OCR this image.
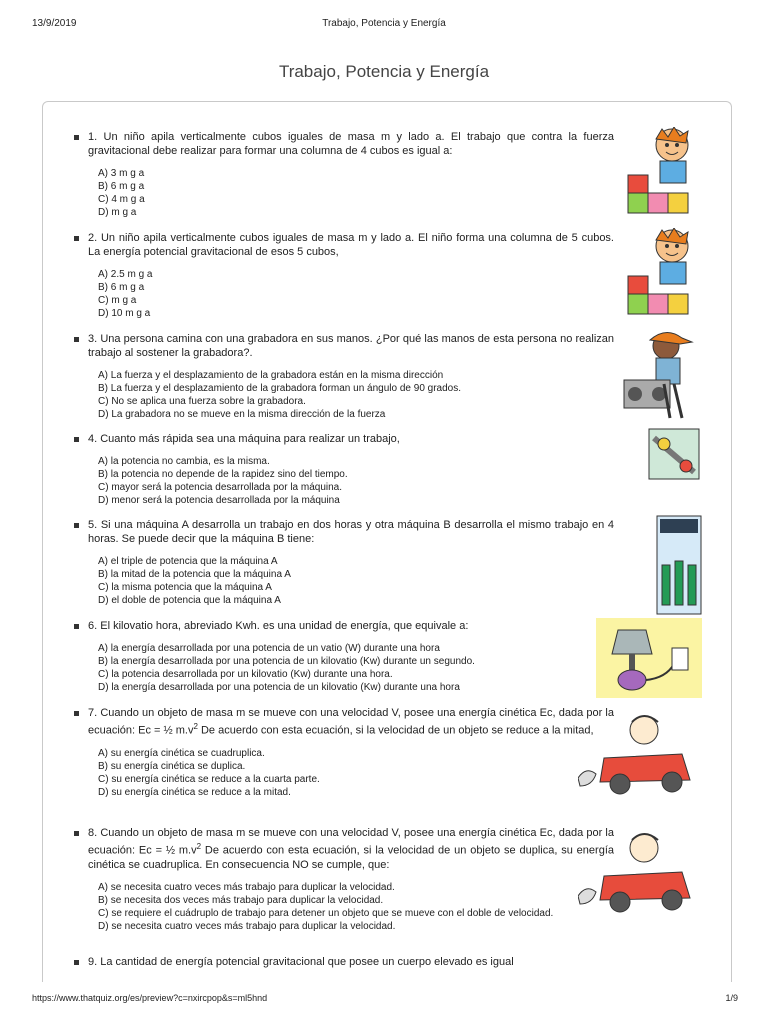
13/9/2019	Trabajo, Potencia y Energía
Trabajo, Potencia y Energía
1. Un niño apila verticalmente cubos iguales de masa m y lado a. El trabajo que contra la fuerza gravitacional debe realizar para formar una columna de 4 cubos es igual a:
A) 3 m g a
B) 6 m g a
C) 4 m g a
D) m g a
2. Un niño apila verticalmente cubos iguales de masa m y lado a. El niño forma una columna de 5 cubos. La energía potencial gravitacional de esos 5 cubos,
A) 2.5 m g a
B) 6 m g a
C) m g a
D) 10 m g a
3. Una persona camina con una grabadora en sus manos. ¿Por qué las manos de esta persona no realizan trabajo al sostener la grabadora?.
A) La fuerza y el desplazamiento de la grabadora están en la misma dirección
B) La fuerza y el desplazamiento de la grabadora forman un ángulo de 90 grados.
C) No se aplica una fuerza sobre la grabadora.
D) La grabadora no se mueve en la misma dirección de la fuerza
4. Cuanto más rápida sea una máquina para realizar un trabajo,
A) la potencia no cambia, es la misma.
B) la potencia no depende de la rapidez sino del tiempo.
C) mayor será la potencia desarrollada por la máquina.
D) menor será la potencia desarrollada por la máquina
5. Si una máquina A desarrolla un trabajo en dos horas y otra máquina B desarrolla el mismo trabajo en 4 horas. Se puede decir que la máquina B tiene:
A) el triple de potencia que la máquina A
B) la mitad de la potencia que la máquina A
C) la misma potencia que la máquina A
D) el doble de potencia que la máquina A
6. El kilovatio hora, abreviado Kwh. es una unidad de energía, que equivale a:
A) la energía desarrollada por una potencia de un vatio (W) durante una hora
B) la energía desarrollada por una potencia de un kilovatio (Kw) durante un segundo.
C) la potencia desarrollada por un kilovatio (Kw) durante una hora.
D) la energía desarrollada por una potencia de un kilovatio (Kw) durante una hora
7. Cuando un objeto de masa m se mueve con una velocidad V, posee una energía cinética Ec, dada por la ecuación: Ec = ½ $m.v^2$ De acuerdo con esta ecuación, si la velocidad de un objeto se reduce a la mitad,
A) su energía cinética se cuadruplica.
B) su energía cinética se duplica.
C) su energía cinética se reduce a la cuarta parte.
D) su energía cinética se reduce a la mitad.
8. Cuando un objeto de masa m se mueve con una velocidad V, posee una energía cinética Ec, dada por la ecuación: Ec = ½ $m.v^2$ De acuerdo con esta ecuación, si la velocidad de un objeto se duplica, su energía cinética se cuadruplica. En consecuencia NO se cumple, que:
A) se necesita cuatro veces más trabajo para duplicar la velocidad.
B) se necesita dos veces más trabajo para duplicar la velocidad.
C) se requiere el cuádruplo de trabajo para detener un objeto que se mueve con el doble de velocidad.
D) se necesita cuatro veces más trabajo para duplicar la velocidad.
9. La cantidad de energía potencial gravitacional que posee un cuerpo elevado es igual
https://www.thatquiz.org/es/preview?c=nxircpop&s=ml5hnd	1/9
